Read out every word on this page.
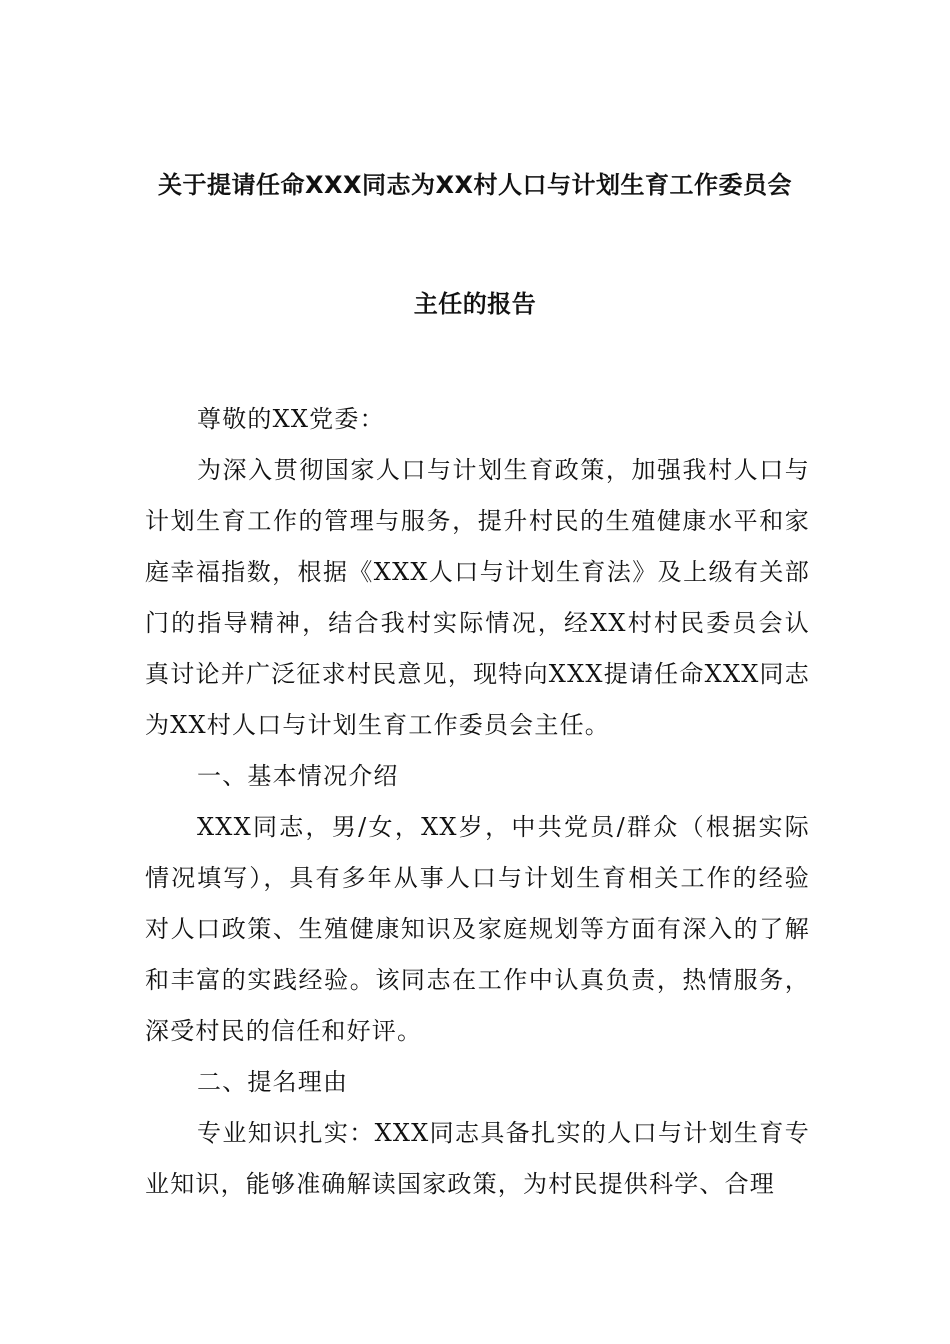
关于提请任命XXX同志为XX村人口与计划生育工作委员会
主任的报告

尊敬的XX党委：

为深入贯彻国家人口与计划生育政策，加强我村人口与计划生育工作的管理与服务，提升村民的生殖健康水平和家庭幸福指数，根据《XXX人口与计划生育法》及上级有关部门的指导精神，结合我村实际情况，经XX村村民委员会认真讨论并广泛征求村民意见，现特向XXX提请任命XXX同志为XX村人口与计划生育工作委员会主任。

一、基本情况介绍

XXX同志，男/女，XX岁，中共党员/群众（根据实际情况填写），具有多年从事人口与计划生育相关工作的经验对人口政策、生殖健康知识及家庭规划等方面有深入的了解和丰富的实践经验。该同志在工作中认真负责，热情服务，深受村民的信任和好评。

二、提名理由

专业知识扎实：XXX同志具备扎实的人口与计划生育专业知识，能够准确解读国家政策，为村民提供科学、合理
